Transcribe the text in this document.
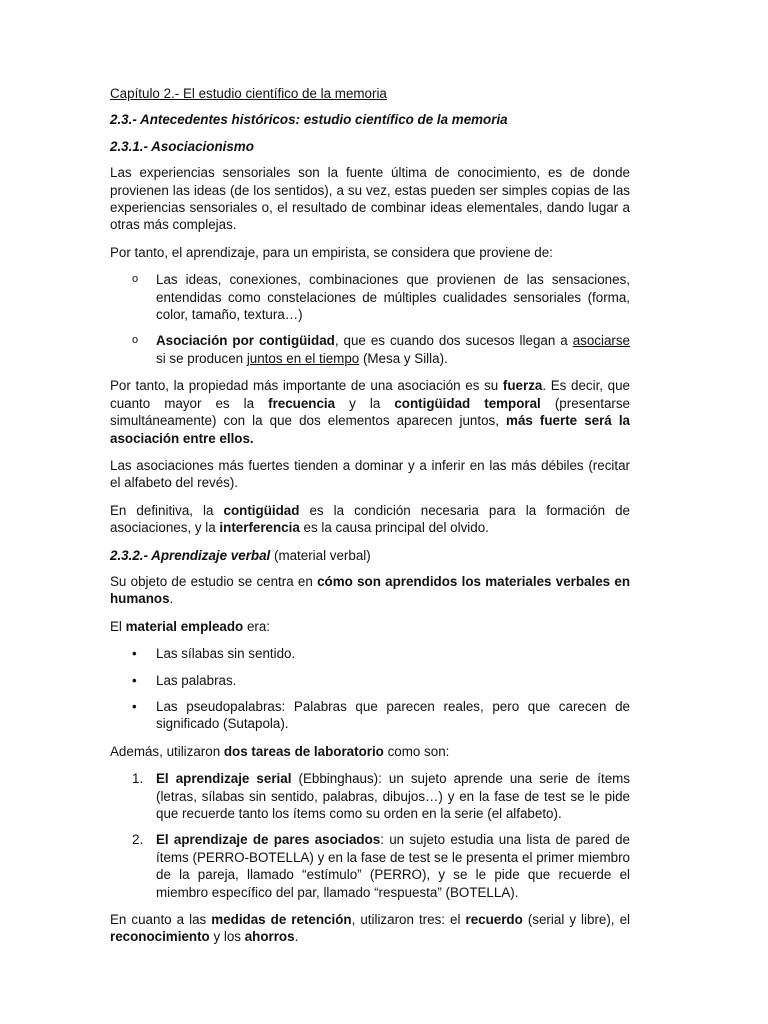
Capítulo 2.- El estudio científico de la memoria

2.3.- Antecedentes históricos: estudio científico de la memoria

2.3.1.- Asociacionismo

Las experiencias sensoriales son la fuente última de conocimiento, es de donde provienen las ideas (de los sentidos), a su vez, estas pueden ser simples copias de las experiencias sensoriales o, el resultado de combinar ideas elementales, dando lugar a otras más complejas.

Por tanto, el aprendizaje, para un empirista, se considera que proviene de:

o Las ideas, conexiones, combinaciones que provienen de las sensaciones, entendidas como constelaciones de múltiples cualidades sensoriales (forma, color, tamaño, textura…)
o Asociación por contigüidad, que es cuando dos sucesos llegan a asociarse si se producen juntos en el tiempo (Mesa y Silla).

Por tanto, la propiedad más importante de una asociación es su fuerza. Es decir, que cuanto mayor es la frecuencia y la contigüidad temporal (presentarse simultáneamente) con la que dos elementos aparecen juntos, más fuerte será la asociación entre ellos.

Las asociaciones más fuertes tienden a dominar y a inferir en las más débiles (recitar el alfabeto del revés).

En definitiva, la contigüidad es la condición necesaria para la formación de asociaciones, y la interferencia es la causa principal del olvido.

2.3.2.- Aprendizaje verbal (material verbal)

Su objeto de estudio se centra en cómo son aprendidos los materiales verbales en humanos.

El material empleado era:

• Las sílabas sin sentido.
• Las palabras.
• Las pseudopalabras: Palabras que parecen reales, pero que carecen de significado (Sutapola).

Además, utilizaron dos tareas de laboratorio como son:

1. El aprendizaje serial (Ebbinghaus): un sujeto aprende una serie de ítems (letras, sílabas sin sentido, palabras, dibujos…) y en la fase de test se le pide que recuerde tanto los ítems como su orden en la serie (el alfabeto).
2. El aprendizaje de pares asociados: un sujeto estudia una lista de pared de ítems (PERRO-BOTELLA) y en la fase de test se le presenta el primer miembro de la pareja, llamado “estímulo” (PERRO), y se le pide que recuerde el miembro específico del par, llamado “respuesta” (BOTELLA).

En cuanto a las medidas de retención, utilizaron tres: el recuerdo (serial y libre), el reconocimiento y los ahorros.
